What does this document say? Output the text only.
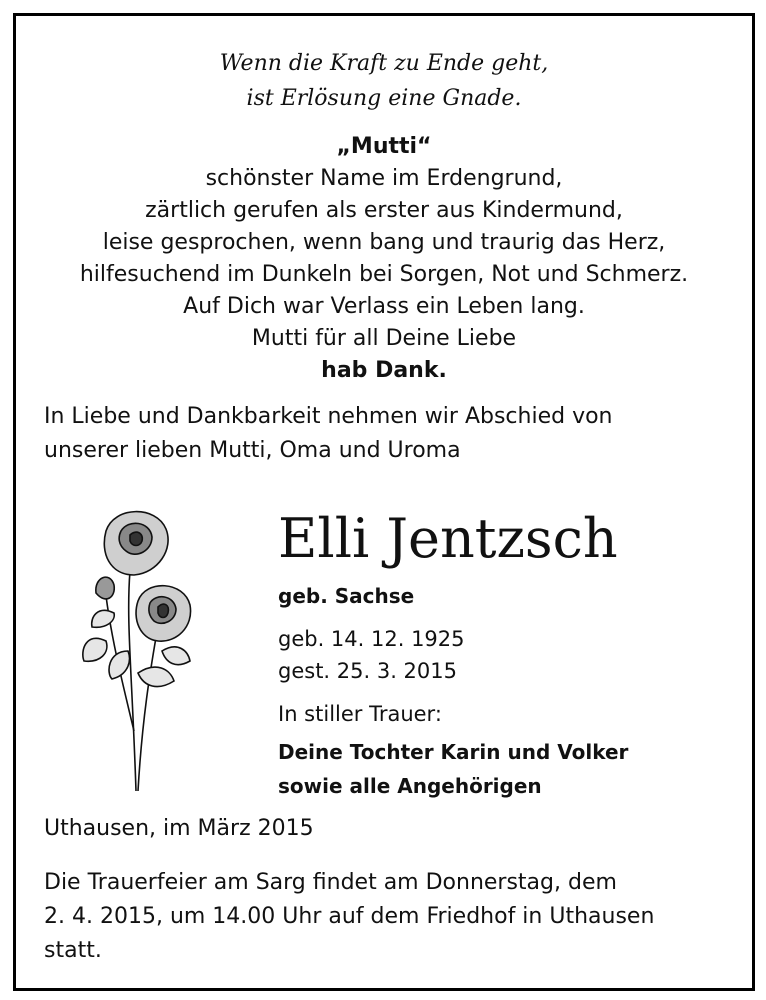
Wenn die Kraft zu Ende geht,
ist Erlösung eine Gnade.
„Mutti“
schönster Name im Erdengrund,
zärtlich gerufen als erster aus Kindermund,
leise gesprochen, wenn bang und traurig das Herz,
hilfesuchend im Dunkeln bei Sorgen, Not und Schmerz.
Auf Dich war Verlass ein Leben lang.
Mutti für all Deine Liebe
hab Dank.
In Liebe und Dankbarkeit nehmen wir Abschied von
unserer lieben Mutti, Oma und Uroma
Elli Jentzsch
geb. Sachse
geb. 14. 12. 1925
gest. 25. 3. 2015
In stiller Trauer:
Deine Tochter Karin und Volker
sowie alle Angehörigen
Uthausen, im März 2015
Die Trauerfeier am Sarg findet am Donnerstag, dem
2. 4. 2015, um 14.00 Uhr auf dem Friedhof in Uthausen
statt.
